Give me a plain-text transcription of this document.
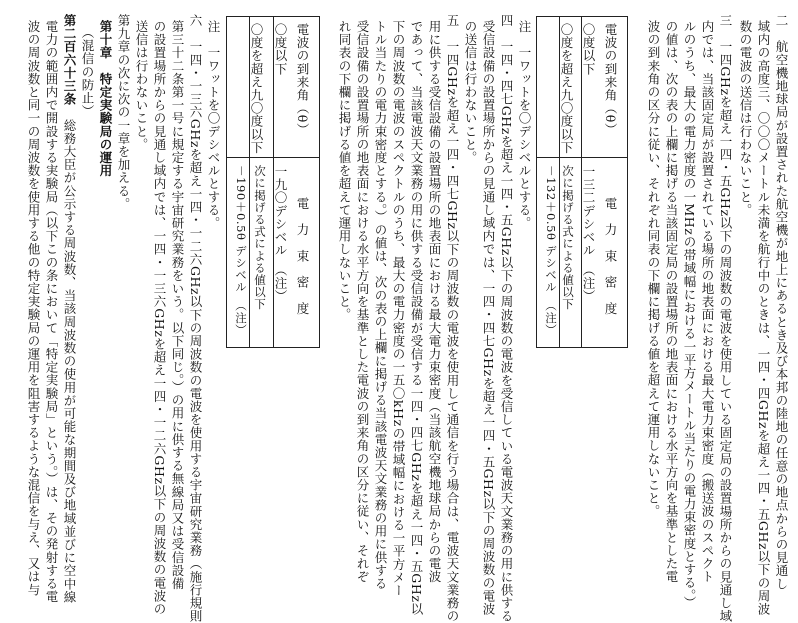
二　航空機地球局が設置された航空機が地上にあるとき及び本邦の陸地の任意の地点からの見通し
域内の高度三、〇〇〇メートル未満を航行中のときは、一四・四GHzを超え一四・五GHz以下の周波
数の電波の送信は行わないこと。
三　一四GHzを超え一四・五GHz以下の周波数の電波を使用している固定局の設置場所からの見通し域
内では、当該固定局が設置されている場所の地表面における最大電力束密度（搬送波のスペクト
ルのうち、最大の電力密度の一MHzの帯域幅における一平方メートル当たりの電力束密度とする。）
の値は、次の表の上欄に掲げる当該固定局の設置場所の地表面における水平方向を基準とした電
波の到来角の区分に従い、それぞれ同表の下欄に掲げる値を超えて運用しないこと。
電波の到来角（θ）
電　力　束　密　度
〇度以下
一三二デシベル　（注）
〇度を超え九〇度以下
次に掲げる式による値以下
－132＋0.5θ デシベル　（注）
注　一ワットを〇デシベルとする。
四　一四・四七GHzを超え一四・五GHz以下の周波数の電波を受信している電波天文業務の用に供する
受信設備の設置場所からの見通し域内では、一四・四七GHzを超え一四・五GHz以下の周波数の電波
の送信は行わないこと。
五　一四GHzを超え一四・四七GHz以下の周波数の電波を使用して通信を行う場合は、電波天文業務の
用に供する受信設備の設置場所の地表面における最大電力束密度（当該航空機地球局からの電波
であって、当該電波天文業務の用に供する受信設備が受信する一四・四七GHzを超え一四・五GHz以
下の周波数の電波のスペクトルのうち、最大の電力密度の一五〇kHzの帯域幅における一平方メー
トル当たりの電力束密度とする。）の値は、次の表の上欄に掲げる当該電波天文業務の用に供する
受信設備の設置場所の地表面における水平方向を基準とした電波の到来角の区分に従い、それぞ
れ同表の下欄に掲げる値を超えて運用しないこと。
電波の到来角（θ）
電　力　束　密　度
〇度以下
一九〇デシベル　（注）
〇度を超え九〇度以下
次に掲げる式による値以下
－190＋0.5θ デシベル　（注）
注　一ワットを〇デシベルとする。
六　一四・一三六GHzを超え一四・一二六GHz以下の周波数の電波を使用する宇宙研究業務（施行規則
第三十二条第一号に規定する宇宙研究業務をいう。以下同じ。）の用に供する無線局又は受信設備
の設置場所からの見通し域内では、一四・一三六GHzを超え一四・一二六GHz以下の周波数の電波の
送信は行わないこと。
第九章の次に次の一章を加える。
第十章　特定実験局の運用
（混信の防止）
第二百六十三条　総務大臣が公示する周波数、当該周波数の使用が可能な期間及び地域並びに空中線
電力の範囲内で開設する実験局（以下この条において「特定実験局」という。）は、その発射する電
波の周波数と同一の周波数を使用する他の特定実験局の運用を阻害するような混信を与え、又は与
